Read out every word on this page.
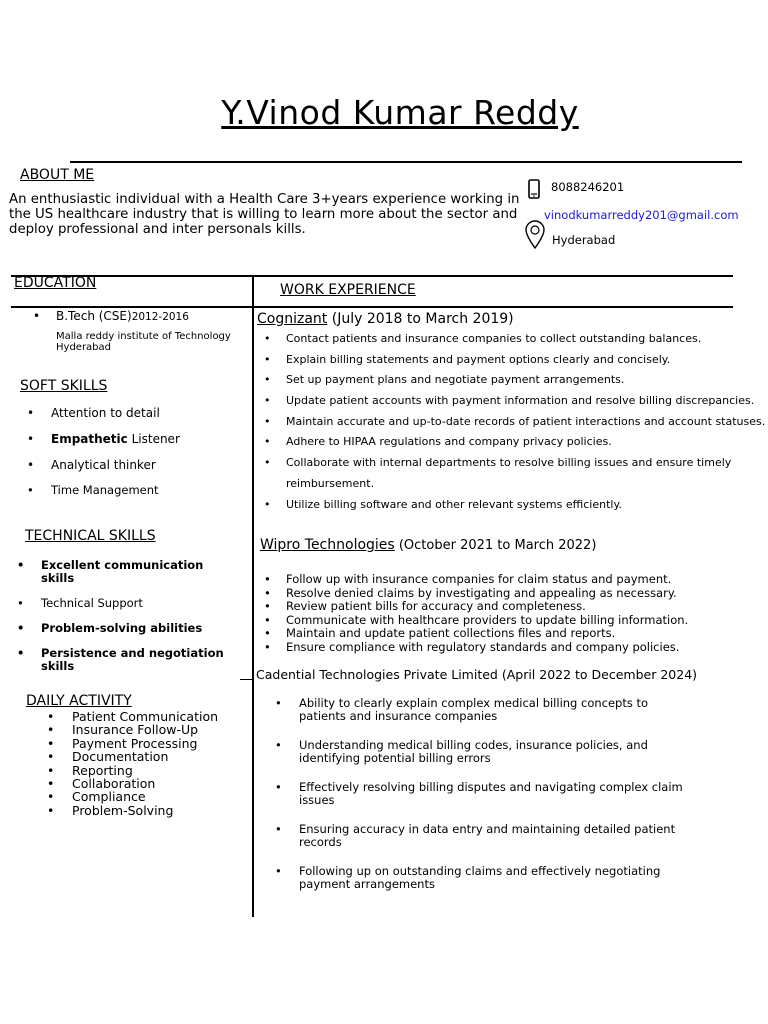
Y.Vinod Kumar Reddy
ABOUT ME
An enthusiastic individual with a Health Care 3+years experience working in the US healthcare industry that is willing to learn more about the sector and deploy professional and inter personals kills.
8088246201
vinodkumarreddy201@gmail.com
Hyderabad
EDUCATION
• B.Tech (CSE)2012-2016
Malla reddy institute of Technology
Hyderabad
SOFT SKILLS
• Attention to detail
• Empathetic Listener
• Analytical thinker
• Time Management
TECHNICAL SKILLS
• Excellent communication skills
• Technical Support
• Problem-solving abilities
• Persistence and negotiation skills
DAILY ACTIVITY
• Patient Communication
• Insurance Follow-Up
• Payment Processing
• Documentation
• Reporting
• Collaboration
• Compliance
• Problem-Solving
WORK EXPERIENCE
Cognizant (July 2018 to March 2019)
• Contact patients and insurance companies to collect outstanding balances.
• Explain billing statements and payment options clearly and concisely.
• Set up payment plans and negotiate payment arrangements.
• Update patient accounts with payment information and resolve billing discrepancies.
• Maintain accurate and up-to-date records of patient interactions and account statuses.
• Adhere to HIPAA regulations and company privacy policies.
• Collaborate with internal departments to resolve billing issues and ensure timely
reimbursement.
• Utilize billing software and other relevant systems efficiently.
Wipro Technologies (October 2021 to March 2022)
• Follow up with insurance companies for claim status and payment.
• Resolve denied claims by investigating and appealing as necessary.
• Review patient bills for accuracy and completeness.
• Communicate with healthcare providers to update billing information.
• Maintain and update patient collections files and reports.
• Ensure compliance with regulatory standards and company policies.
Cadential Technologies Private Limited (April 2022 to December 2024)
• Ability to clearly explain complex medical billing concepts to patients and insurance companies
• Understanding medical billing codes, insurance policies, and identifying potential billing errors
• Effectively resolving billing disputes and navigating complex claim issues
• Ensuring accuracy in data entry and maintaining detailed patient records
• Following up on outstanding claims and effectively negotiating payment arrangements
